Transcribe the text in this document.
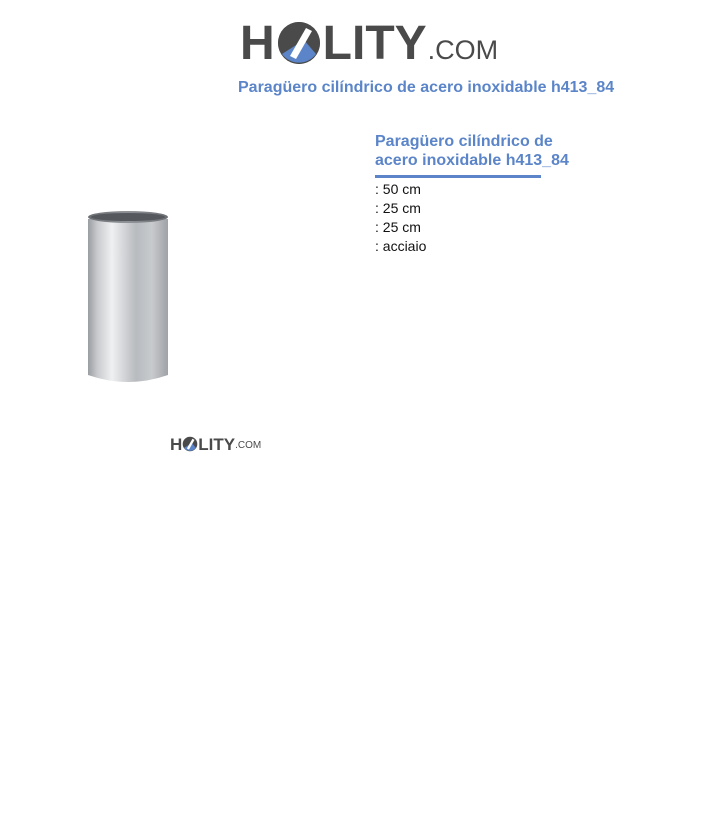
H LITY .COM
Paragüero cilíndrico de acero inoxidable h413_84
H LITY .COM

Paragüero cilíndrico de
acero inoxidable h413_84

: 50 cm
: 25 cm
: 25 cm
: acciaio
